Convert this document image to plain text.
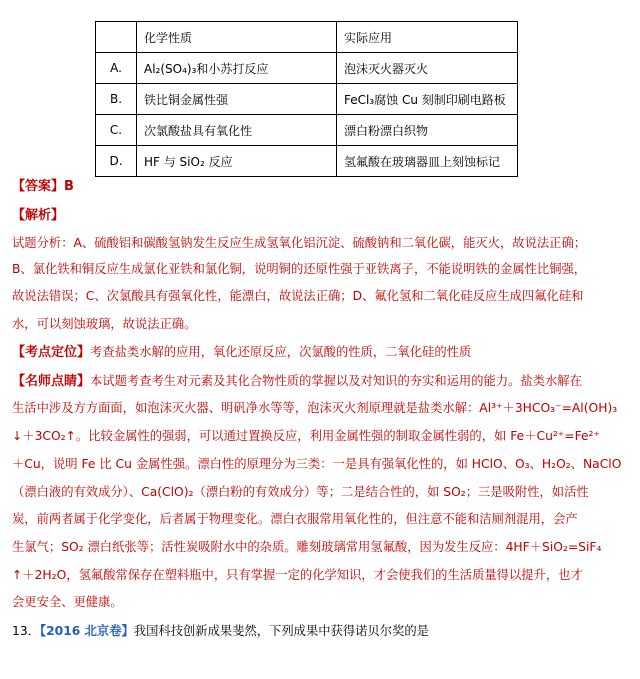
	化学性质	实际应用
A.	Al₂(SO₄)₃和小苏打反应	泡沫灭火器灭火
B.	铁比铜金属性强	FeCl₃腐蚀 Cu 刻制印刷电路板
C.	次氯酸盐具有氧化性	漂白粉漂白织物
D.	HF 与 SiO₂ 反应	氢氟酸在玻璃器皿上刻蚀标记
【答案】B
【解析】
试题分析：A、硫酸铝和碳酸氢钠发生反应生成氢氧化铝沉淀、硫酸钠和二氧化碳，能灭火，故说法正确；
B、氯化铁和铜反应生成氯化亚铁和氯化铜，说明铜的还原性强于亚铁离子，不能说明铁的金属性比铜强，
故说法错误；C、次氯酸具有强氧化性，能漂白，故说法正确；D、氟化氢和二氧化硅反应生成四氟化硅和
水，可以刻蚀玻璃，故说法正确。
【考点定位】考查盐类水解的应用，氧化还原反应，次氯酸的性质，二氧化硅的性质
【名师点睛】本试题考查考生对元素及其化合物性质的掌握以及对知识的夯实和运用的能力。盐类水解在
生活中涉及方方面面，如泡沫灭火器、明矾净水等等，泡沫灭火剂原理就是盐类水解：Al³⁺＋3HCO₃⁻=Al(OH)₃
↓＋3CO₂↑。比较金属性的强弱，可以通过置换反应，利用金属性强的制取金属性弱的，如 Fe＋Cu²⁺=Fe²⁺
＋Cu，说明 Fe 比 Cu 金属性强。漂白性的原理分为三类：一是具有强氧化性的，如 HClO、O₃、H₂O₂、NaClO
（漂白液的有效成分）、Ca(ClO)₂（漂白粉的有效成分）等；二是结合性的，如 SO₂；三是吸附性，如活性
炭，前两者属于化学变化，后者属于物理变化。漂白衣服常用氧化性的，但注意不能和洁厕剂混用，会产
生氯气；SO₂ 漂白纸张等；活性炭吸附水中的杂质。雕刻玻璃常用氢氟酸，因为发生反应：4HF＋SiO₂=SiF₄
↑＋2H₂O，氢氟酸常保存在塑料瓶中，只有掌握一定的化学知识，才会使我们的生活质量得以提升，也才
会更安全、更健康。
13．【2016 北京卷】我国科技创新成果斐然，下列成果中获得诺贝尔奖的是
